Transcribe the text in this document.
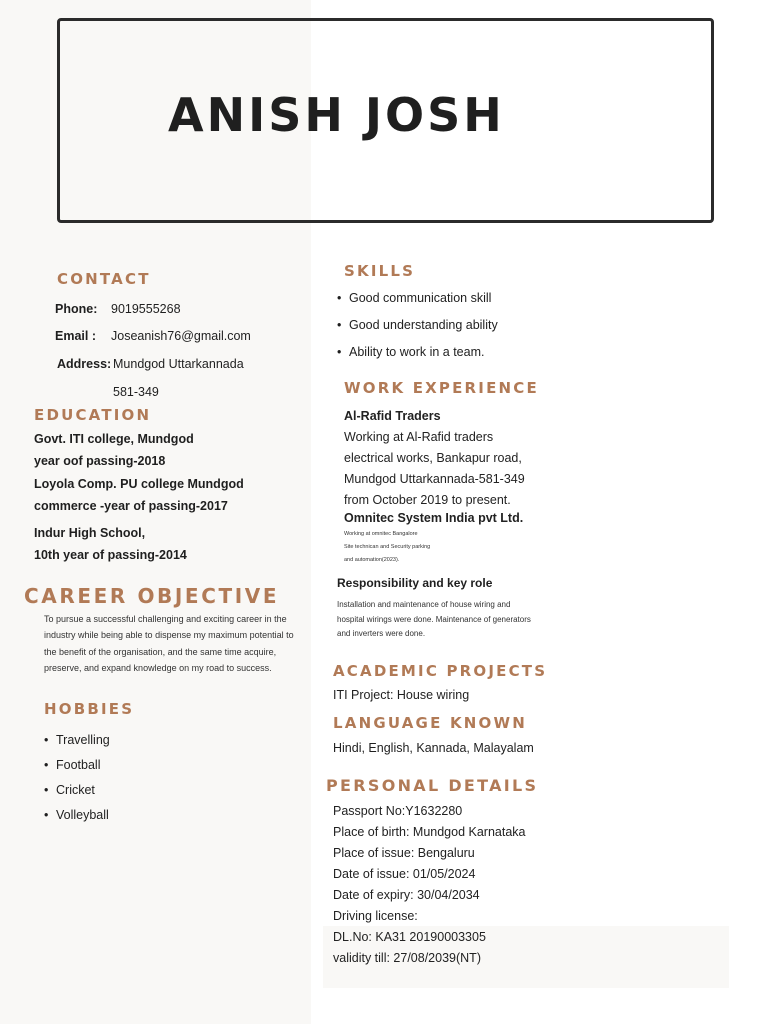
ANISH JOSH
CONTACT
Phone: 9019555268
Email : Joseanish76@gmail.com
Address: Mundgod Uttarkannada
581-349
EDUCATION
Govt. ITI college, Mundgod
year oof passing-2018
Loyola Comp. PU college Mundgod
commerce -year of passing-2017
Indur High School,
10th year of passing-2014
CAREER OBJECTIVE
To pursue a successful challenging and exciting career in the industry while being able to dispense my maximum potential to the benefit of the organisation, and the same time acquire, preserve, and expand knowledge on my road to success.
HOBBIES
• Travelling
• Football
• Cricket
• Volleyball
SKILLS
• Good communication skill
• Good understanding ability
• Ability to work in a team.
WORK EXPERIENCE
Al-Rafid Traders
Working at Al-Rafid traders
electrical works, Bankapur road,
Mundgod Uttarkannada-581-349
from October 2019 to present.
Omnitec System India pvt Ltd.
Working at omnitec Bangalore
Site technican and Security parking
and automation(2023).
Responsibility and key role
Installation and maintenance of house wiring and hospital wirings were done. Maintenance of generators and inverters were done.
ACADEMIC PROJECTS
ITI Project: House wiring
LANGUAGE KNOWN
Hindi, English, Kannada, Malayalam
PERSONAL DETAILS
Passport No:Y1632280
Place of birth: Mundgod Karnataka
Place of issue: Bengaluru
Date of issue: 01/05/2024
Date of expiry: 30/04/2034
Driving license:
DL.No: KA31 20190003305
validity till: 27/08/2039(NT)
